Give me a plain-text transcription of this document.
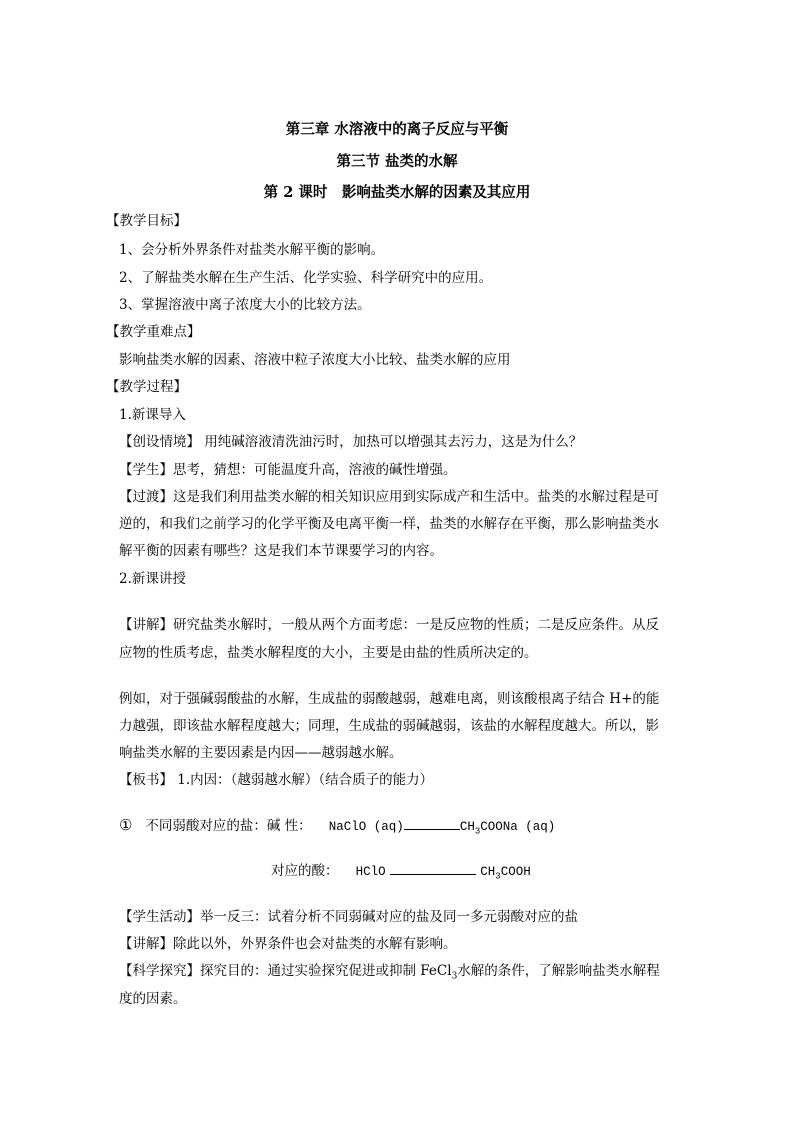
第三章 水溶液中的离子反应与平衡
第三节 盐类的水解
第 2 课时　影响盐类水解的因素及其应用
【教学目标】
1、会分析外界条件对盐类水解平衡的影响。
2、了解盐类水解在生产生活、化学实验、科学研究中的应用。
3、掌握溶液中离子浓度大小的比较方法。
【教学重难点】
影响盐类水解的因素、溶液中粒子浓度大小比较、盐类水解的应用
【教学过程】
1.新课导入
【创设情境】 用纯碱溶液清洗油污时，加热可以增强其去污力，这是为什么？
【学生】思考，猜想：可能温度升高，溶液的碱性增强。
【过渡】这是我们利用盐类水解的相关知识应用到实际成产和生活中。盐类的水解过程是可
逆的，和我们之前学习的化学平衡及电离平衡一样，盐类的水解存在平衡，那么影响盐类水
解平衡的因素有哪些？这是我们本节课要学习的内容。
2.新课讲授
【讲解】研究盐类水解时，一般从两个方面考虑：一是反应物的性质；二是反应条件。从反
应物的性质考虑，盐类水解程度的大小，主要是由盐的性质所决定的。
例如，对于强碱弱酸盐的水解，生成盐的弱酸越弱，越难电离，则该酸根离子结合 H+的能
力越强，即该盐水解程度越大；同理，生成盐的弱碱越弱，该盐的水解程度越大。所以，影
响盐类水解的主要因素是内因——越弱越水解。
【板书】 1.内因：（越弱越水解）（结合质子的能力）
① 不同弱酸对应的盐：碱 性： NaClO (aq)	$CH_3COONa$ (aq)
对应的酸： HClO	$CH_3COOH$
【学生活动】举一反三：试着分析不同弱碱对应的盐及同一多元弱酸对应的盐
【讲解】除此以外，外界条件也会对盐类的水解有影响。
【科学探究】探究目的：通过实验探究促进或抑制 FeCl$_3$水解的条件，了解影响盐类水解程
度的因素。
